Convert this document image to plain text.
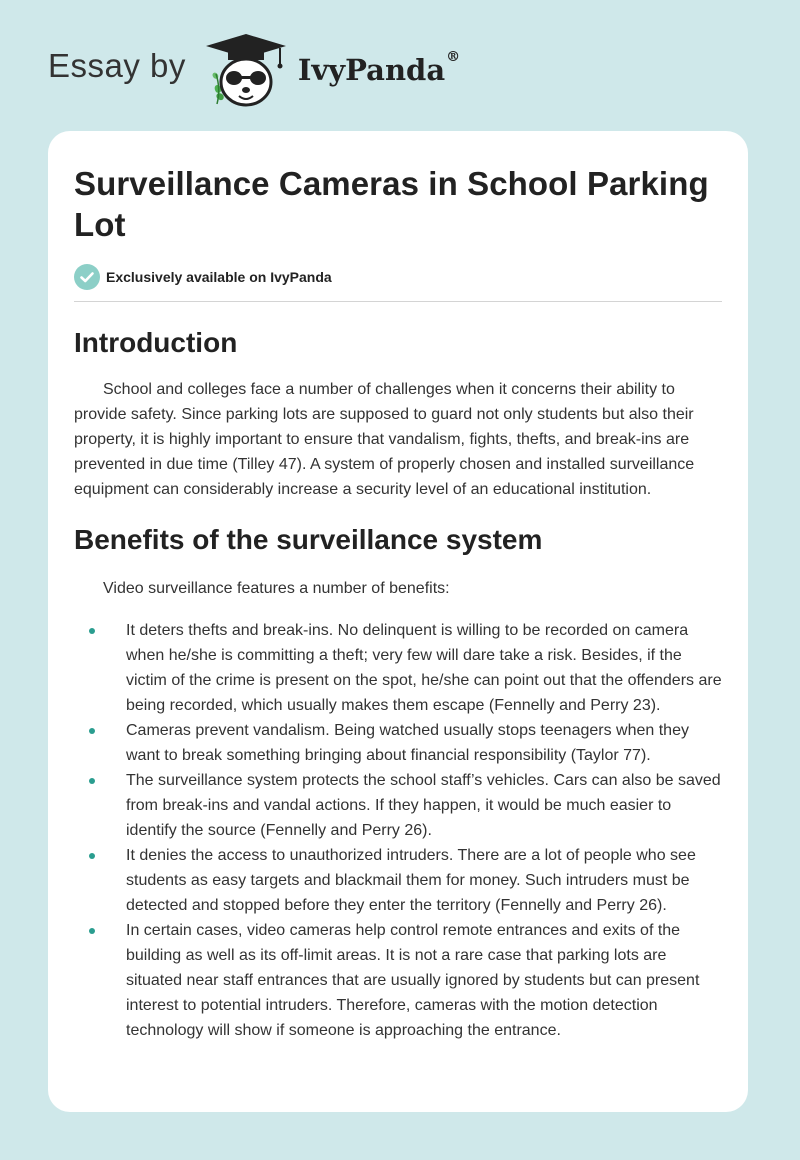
Essay by	IvyPanda®
Surveillance Cameras in School Parking Lot
Exclusively available on IvyPanda
Introduction

School and colleges face a number of challenges when it concerns their ability to provide safety. Since parking lots are supposed to guard not only students but also their property, it is highly important to ensure that vandalism, fights, thefts, and break-ins are prevented in due time (Tilley 47). A system of properly chosen and installed surveillance equipment can considerably increase a security level of an educational institution.

Benefits of the surveillance system

Video surveillance features a number of benefits:

It deters thefts and break-ins. No delinquent is willing to be recorded on camera when he/she is committing a theft; very few will dare take a risk. Besides, if the victim of the crime is present on the spot, he/she can point out that the offenders are being recorded, which usually makes them escape (Fennelly and Perry 23).
Cameras prevent vandalism. Being watched usually stops teenagers when they want to break something bringing about financial responsibility (Taylor 77).
The surveillance system protects the school staff’s vehicles. Cars can also be saved from break-ins and vandal actions. If they happen, it would be much easier to identify the source (Fennelly and Perry 26).
It denies the access to unauthorized intruders. There are a lot of people who see students as easy targets and blackmail them for money. Such intruders must be detected and stopped before they enter the territory (Fennelly and Perry 26).
In certain cases, video cameras help control remote entrances and exits of the building as well as its off-limit areas. It is not a rare case that parking lots are situated near staff entrances that are usually ignored by students but can present interest to potential intruders. Therefore, cameras with the motion detection technology will show if someone is approaching the entrance.
